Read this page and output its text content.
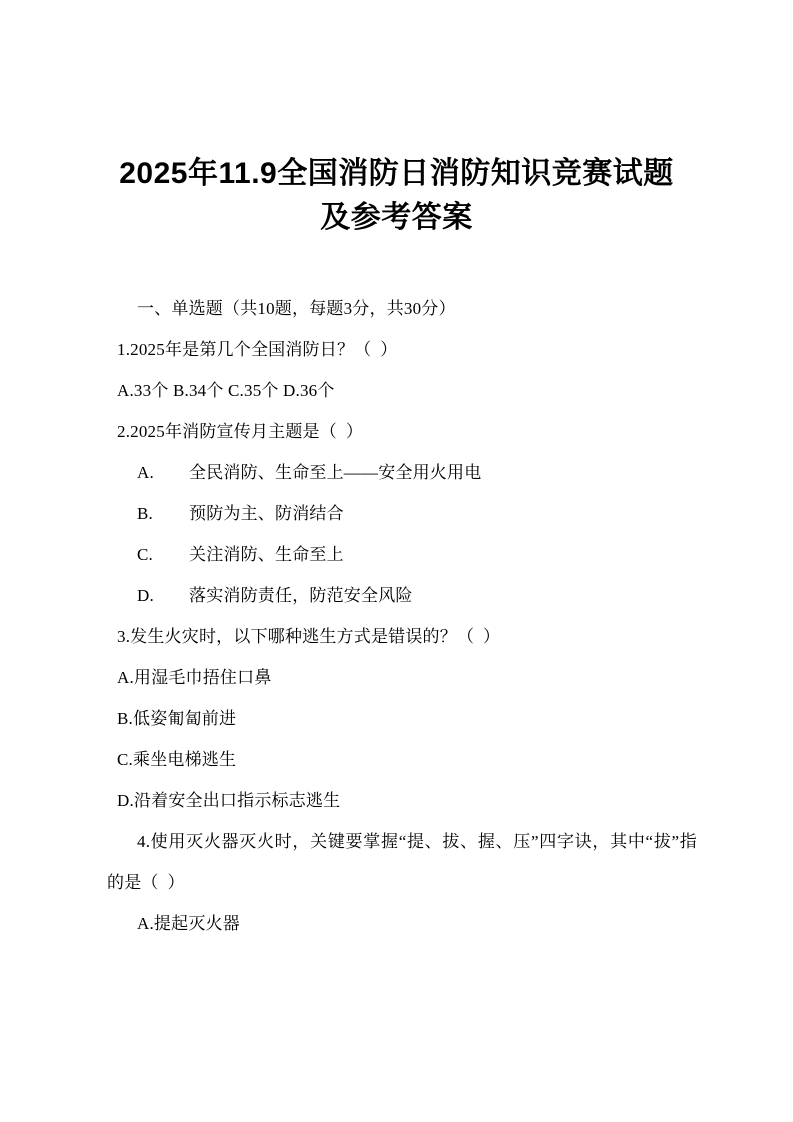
2025年11.9全国消防日消防知识竞赛试题及参考答案

一、单选题（共10题，每题3分，共30分）

1.2025年是第几个全国消防日？（  ）

A.33个 B.34个 C.35个 D.36个

2.2025年消防宣传月主题是（  ）

A. 全民消防、生命至上——安全用火用电

B. 预防为主、防消结合

C. 关注消防、生命至上

D. 落实消防责任，防范安全风险

3.发生火灾时，以下哪种逃生方式是错误的？（  ）

A.用湿毛巾捂住口鼻

B.低姿匍匐前进

C.乘坐电梯逃生

D.沿着安全出口指示标志逃生

4.使用灭火器灭火时，关键要掌握“提、拔、握、压”四字诀，其中“拔”指的是（  ）

A.提起灭火器
